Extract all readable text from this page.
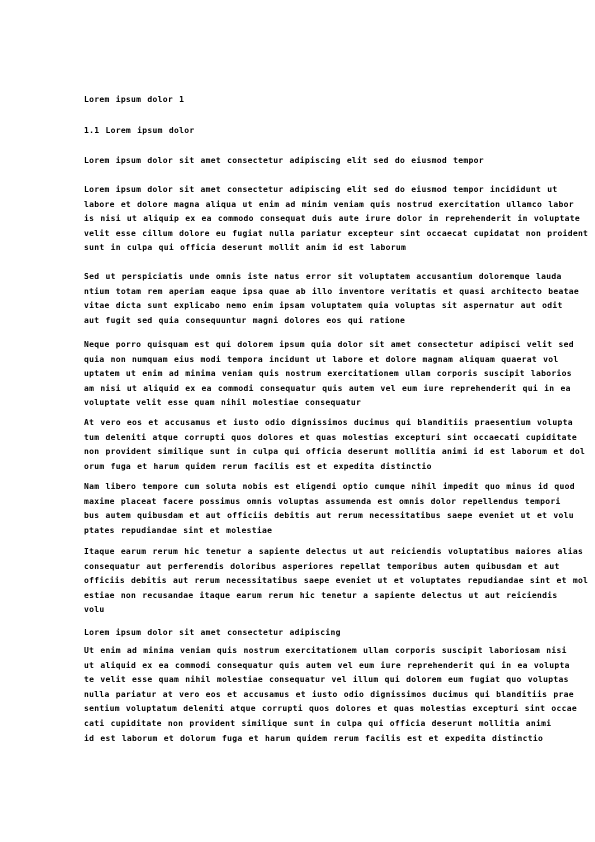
Lorem ipsum dolor 1
1.1 Lorem ipsum dolor
Lorem ipsum dolor sit amet consectetur adipiscing elit sed do eiusmod tempor
Lorem ipsum dolor sit amet consectetur adipiscing elit sed do eiusmod tempor incididunt ut
labore et dolore magna aliqua ut enim ad minim veniam quis nostrud exercitation ullamco labor
is nisi ut aliquip ex ea commodo consequat duis aute irure dolor in reprehenderit in voluptate
velit esse cillum dolore eu fugiat nulla pariatur excepteur sint occaecat cupidatat non proident
sunt in culpa qui officia deserunt mollit anim id est laborum
Sed ut perspiciatis unde omnis iste natus error sit voluptatem accusantium doloremque lauda
ntium totam rem aperiam eaque ipsa quae ab illo inventore veritatis et quasi architecto beatae
vitae dicta sunt explicabo nemo enim ipsam voluptatem quia voluptas sit aspernatur aut odit
aut fugit sed quia consequuntur magni dolores eos qui ratione
Neque porro quisquam est qui dolorem ipsum quia dolor sit amet consectetur adipisci velit sed
quia non numquam eius modi tempora incidunt ut labore et dolore magnam aliquam quaerat vol
uptatem ut enim ad minima veniam quis nostrum exercitationem ullam corporis suscipit laborios
am nisi ut aliquid ex ea commodi consequatur quis autem vel eum iure reprehenderit qui in ea
voluptate velit esse quam nihil molestiae consequatur
At vero eos et accusamus et iusto odio dignissimos ducimus qui blanditiis praesentium volupta
tum deleniti atque corrupti quos dolores et quas molestias excepturi sint occaecati cupiditate
non provident similique sunt in culpa qui officia deserunt mollitia animi id est laborum et dol
orum fuga et harum quidem rerum facilis est et expedita distinctio
Nam libero tempore cum soluta nobis est eligendi optio cumque nihil impedit quo minus id quod
maxime placeat facere possimus omnis voluptas assumenda est omnis dolor repellendus tempori
bus autem quibusdam et aut officiis debitis aut rerum necessitatibus saepe eveniet ut et volu
ptates repudiandae sint et molestiae
Itaque earum rerum hic tenetur a sapiente delectus ut aut reiciendis voluptatibus maiores alias
consequatur aut perferendis doloribus asperiores repellat temporibus autem quibusdam et aut
officiis debitis aut rerum necessitatibus saepe eveniet ut et voluptates repudiandae sint et mol
estiae non recusandae itaque earum rerum hic tenetur a sapiente delectus ut aut reiciendis
volu
Lorem ipsum dolor sit amet consectetur adipiscing
Ut enim ad minima veniam quis nostrum exercitationem ullam corporis suscipit laboriosam nisi
ut aliquid ex ea commodi consequatur quis autem vel eum iure reprehenderit qui in ea volupta
te velit esse quam nihil molestiae consequatur vel illum qui dolorem eum fugiat quo voluptas
nulla pariatur at vero eos et accusamus et iusto odio dignissimos ducimus qui blanditiis prae
sentium voluptatum deleniti atque corrupti quos dolores et quas molestias excepturi sint occae
cati cupiditate non provident similique sunt in culpa qui officia deserunt mollitia animi
id est laborum et dolorum fuga et harum quidem rerum facilis est et expedita distinctio
